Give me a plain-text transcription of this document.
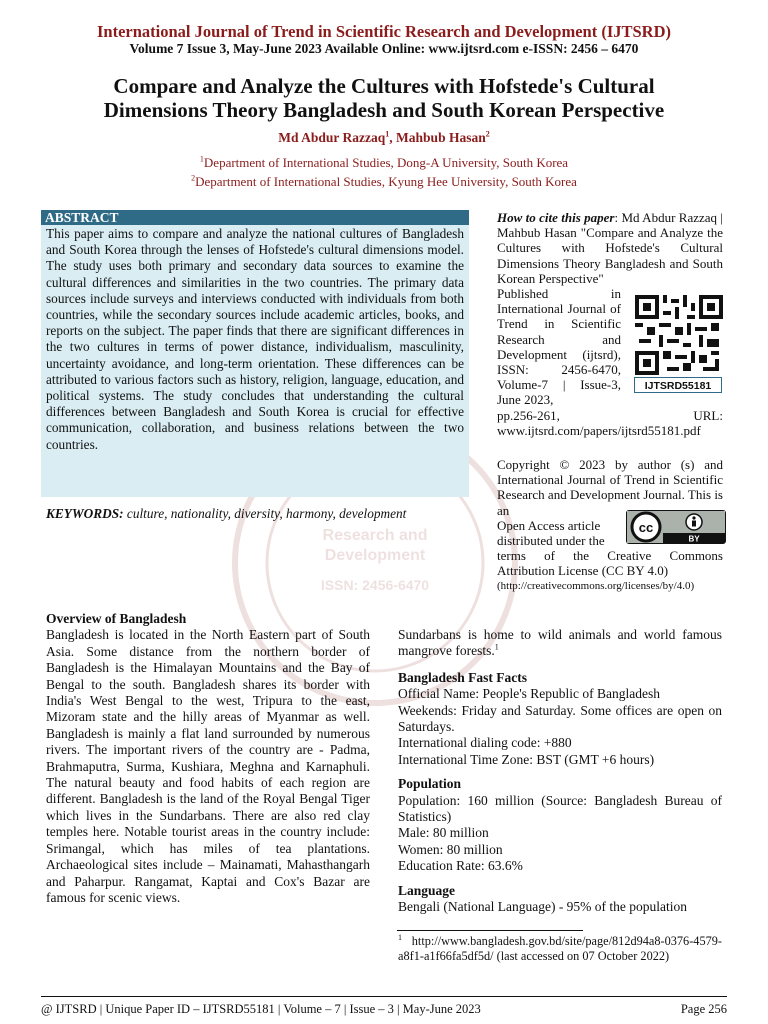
International Journal of Trend in Scientific Research and Development (IJTSRD)
Volume 7 Issue 3, May-June 2023 Available Online: www.ijtsrd.com e-ISSN: 2456 – 6470
Compare and Analyze the Cultures with Hofstede's Cultural
Dimensions Theory Bangladesh and South Korean Perspective
Md Abdur Razzaq$^1$, Mahbub Hasan$^2$
$^1$Department of International Studies, Dong-A University, South Korea
$^2$Department of International Studies, Kyung Hee University, South Korea
Research and
Development
ISSN: 2456-6470
ABSTRACT
This paper aims to compare and analyze the national cultures of Bangladesh and South Korea through the lenses of Hofstede's cultural dimensions model. The study uses both primary and secondary data sources to examine the cultural differences and similarities in the two countries. The primary data sources include surveys and interviews conducted with individuals from both countries, while the secondary sources include academic articles, books, and reports on the subject. The paper finds that there are significant differences in the two cultures in terms of power distance, individualism, masculinity, uncertainty avoidance, and long-term orientation. These differences can be attributed to various factors such as history, religion, language, education, and political systems. The study concludes that understanding the cultural differences between Bangladesh and South Korea is crucial for effective communication, collaboration, and business relations between the two countries.
KEYWORDS: culture, nationality, diversity, harmony, development
How to cite this paper: Md Abdur Razzaq | Mahbub Hasan "Compare and Analyze the Cultures with Hofstede's Cultural Dimensions Theory Bangladesh and South Korean Perspective"
Published in International Journal of Trend in Scientific Research and Development (ijtsrd), ISSN: 2456-6470, Volume-7 | Issue-3, June 2023,
pp.256-261, URL: www.ijtsrd.com/papers/ijtsrd55181.pdf
IJTSRD55181
Copyright © 2023 by author (s) and International Journal of Trend in Scientific Research and Development Journal. This is an
Open Access article
distributed under the
terms of the Creative Commons Attribution License (CC BY 4.0)
(http://creativecommons.org/licenses/by/4.0)
cc
BY
Overview of Bangladesh
Bangladesh is located in the North Eastern part of South Asia. Some distance from the northern border of Bangladesh is the Himalayan Mountains and the Bay of Bengal to the south. Bangladesh shares its border with India's West Bengal to the west, Tripura to the east, Mizoram state and the hilly areas of Myanmar as well. Bangladesh is mainly a flat land surrounded by numerous rivers. The important rivers of the country are - Padma, Brahmaputra, Surma, Kushiara, Meghna and Karnaphuli. The natural beauty and food habits of each region are different. Bangladesh is the land of the Royal Bengal Tiger which lives in the Sundarbans. There are also red clay temples here. Notable tourist areas in the country include: Srimangal, which has miles of tea plantations. Archaeological sites include – Mainamati, Mahasthangarh and Paharpur. Rangamat, Kaptai and Cox's Bazar are famous for scenic views.
Sundarbans is home to wild animals and world famous mangrove forests.$^1$
Bangladesh Fast Facts
Official Name: People's Republic of Bangladesh
Weekends: Friday and Saturday. Some offices are open on Saturdays.
International dialing code: +880
International Time Zone: BST (GMT +6 hours)
Population
Population: 160 million (Source: Bangladesh Bureau of Statistics)
Male: 80 million
Women: 80 million
Education Rate: 63.6%
Language
Bengali (National Language) - 95% of the population
$^1$ http://www.bangladesh.gov.bd/site/page/812d94a8-0376-4579-a8f1-a1f66fa5df5d/ (last accessed on 07 October 2022)
@ IJTSRD | Unique Paper ID – IJTSRD55181 | Volume – 7 | Issue – 3 | May-June 2023	Page 256
